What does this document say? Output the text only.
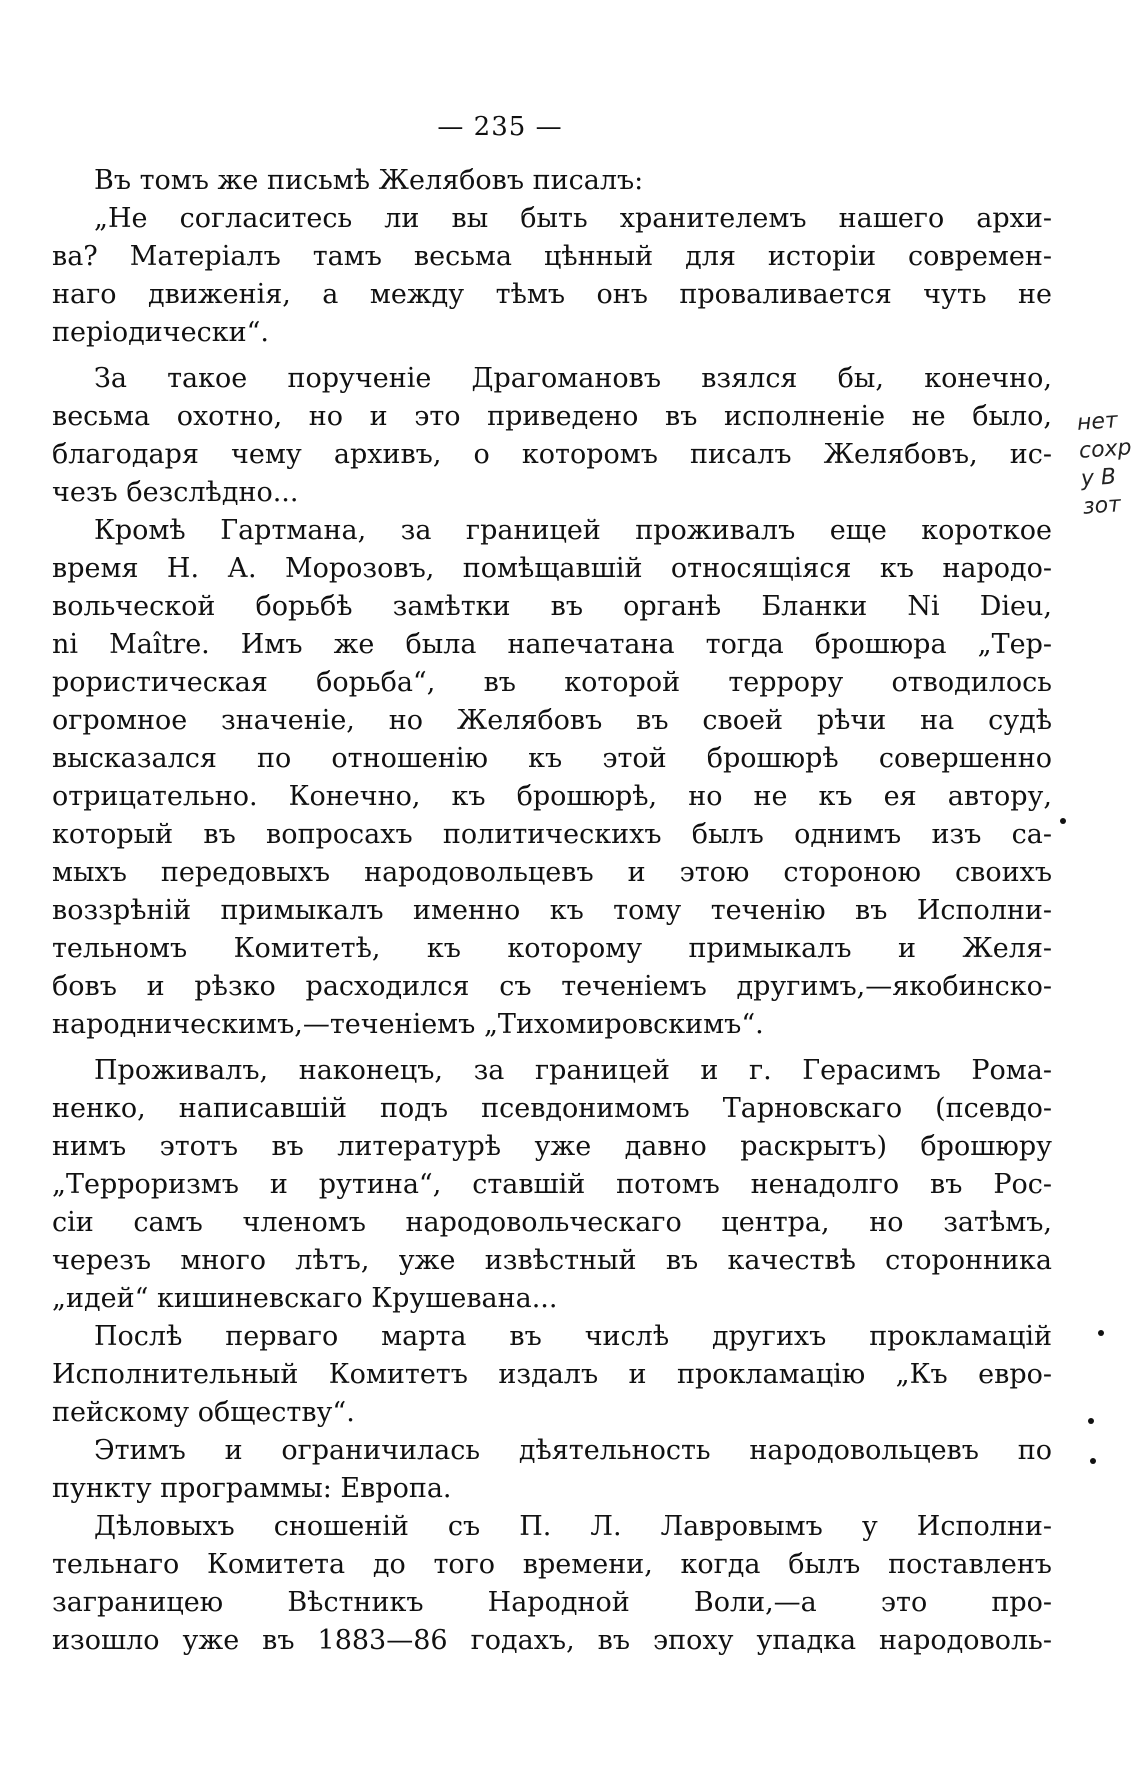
— 235 —
Въ томъ же письмѣ Желябовъ писалъ:
„Не согласитесь ли вы быть хранителемъ нашего архи-
ва? Матеріалъ тамъ весьма цѣнный для исторіи современ-
наго движенія, а между тѣмъ онъ проваливается чуть не
періодически“.
За такое порученіе Драгомановъ взялся бы, конечно,
весьма охотно, но и это приведено въ исполненіе не было,
благодаря чему архивъ, о которомъ писалъ Желябовъ, ис-
чезъ безслѣдно...
Кромѣ Гартмана, за границей проживалъ еще короткое
время Н. А. Морозовъ, помѣщавшій относящіяся къ народо-
вольческой борьбѣ замѣтки въ органѣ Бланки Ni Dieu,
ni Maître. Имъ же была напечатана тогда брошюра „Тер-
рористическая борьба“, въ которой террору отводилось
огромное значеніе, но Желябовъ въ своей рѣчи на судѣ
высказался по отношенію къ этой брошюрѣ совершенно
отрицательно. Конечно, къ брошюрѣ, но не къ ея автору,
который въ вопросахъ политическихъ былъ однимъ изъ са-
мыхъ передовыхъ народовольцевъ и этою стороною своихъ
воззрѣній примыкалъ именно къ тому теченію въ Исполни-
тельномъ Комитетѣ, къ которому примыкалъ и Желя-
бовъ и рѣзко расходился съ теченіемъ другимъ,—якобинско-
народническимъ,—теченіемъ „Тихомировскимъ“.
Проживалъ, наконецъ, за границей и г. Герасимъ Рома-
ненко, написавшій подъ псевдонимомъ Тарновскаго (псевдо-
нимъ этотъ въ литературѣ уже давно раскрытъ) брошюру
„Терроризмъ и рутина“, ставшій потомъ ненадолго въ Рос-
сіи самъ членомъ народовольческаго центра, но затѣмъ,
черезъ много лѣтъ, уже извѣстный въ качествѣ сторонника
„идей“ кишиневскаго Крушевана...
Послѣ перваго марта въ числѣ другихъ прокламацій
Исполнительный Комитетъ издалъ и прокламацію „Къ евро-
пейскому обществу“.
Этимъ и ограничилась дѣятельность народовольцевъ по
пункту программы: Европа.
Дѣловыхъ сношеній съ П. Л. Лавровымъ у Исполни-
тельнаго Комитета до того времени, когда былъ поставленъ
заграницею Вѣстникъ Народной Воли,—а это про-
изошло уже въ 1883—86 годахъ, въ эпоху упадка народоволь-
нет
сохр
у В
зот
